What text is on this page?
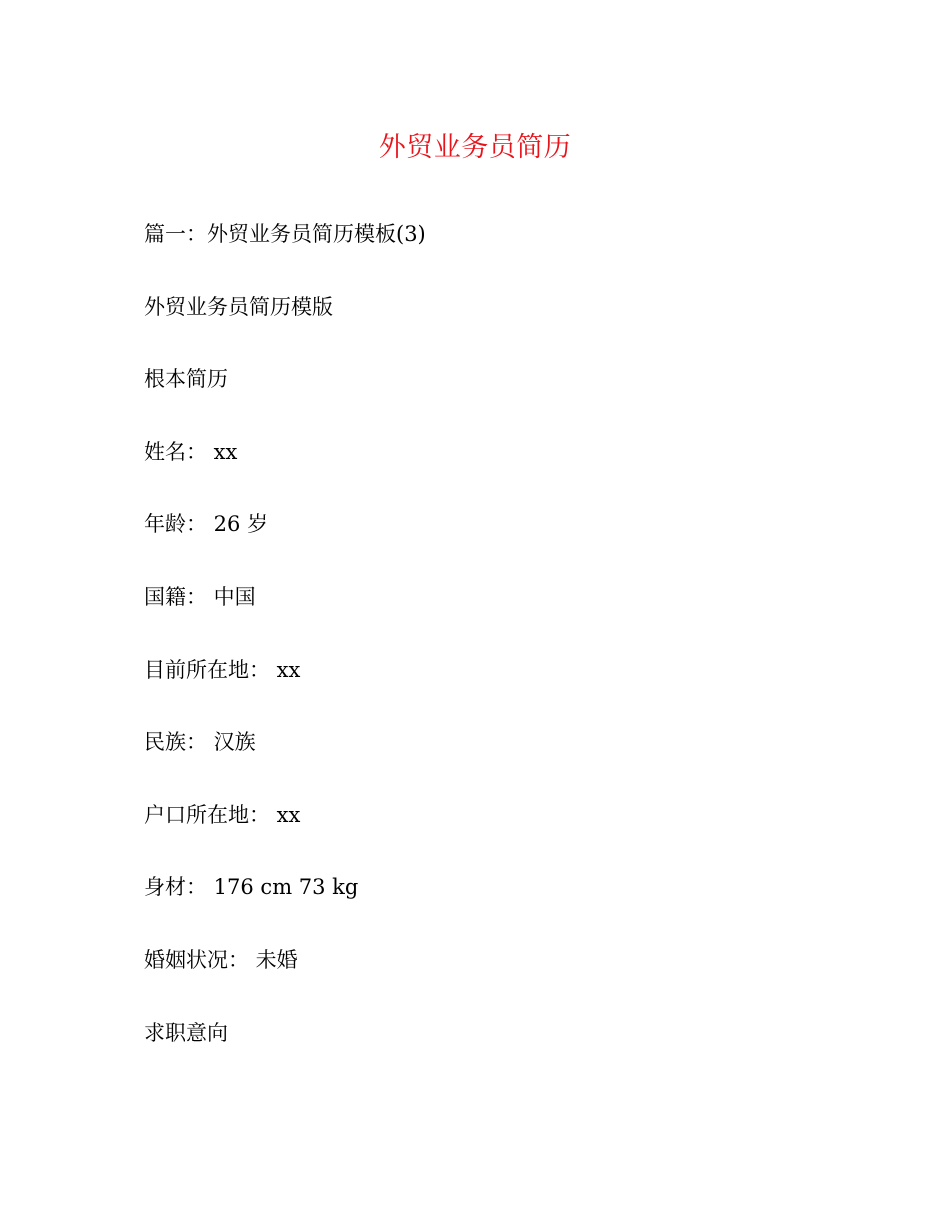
外贸业务员简历
篇一：外贸业务员简历模板(3)
外贸业务员简历模版
根本简历
姓名： xx
年龄： 26 岁
国籍： 中国
目前所在地： xx
民族： 汉族
户口所在地： xx
身材： 176 cm 73 kg
婚姻状况： 未婚
求职意向
